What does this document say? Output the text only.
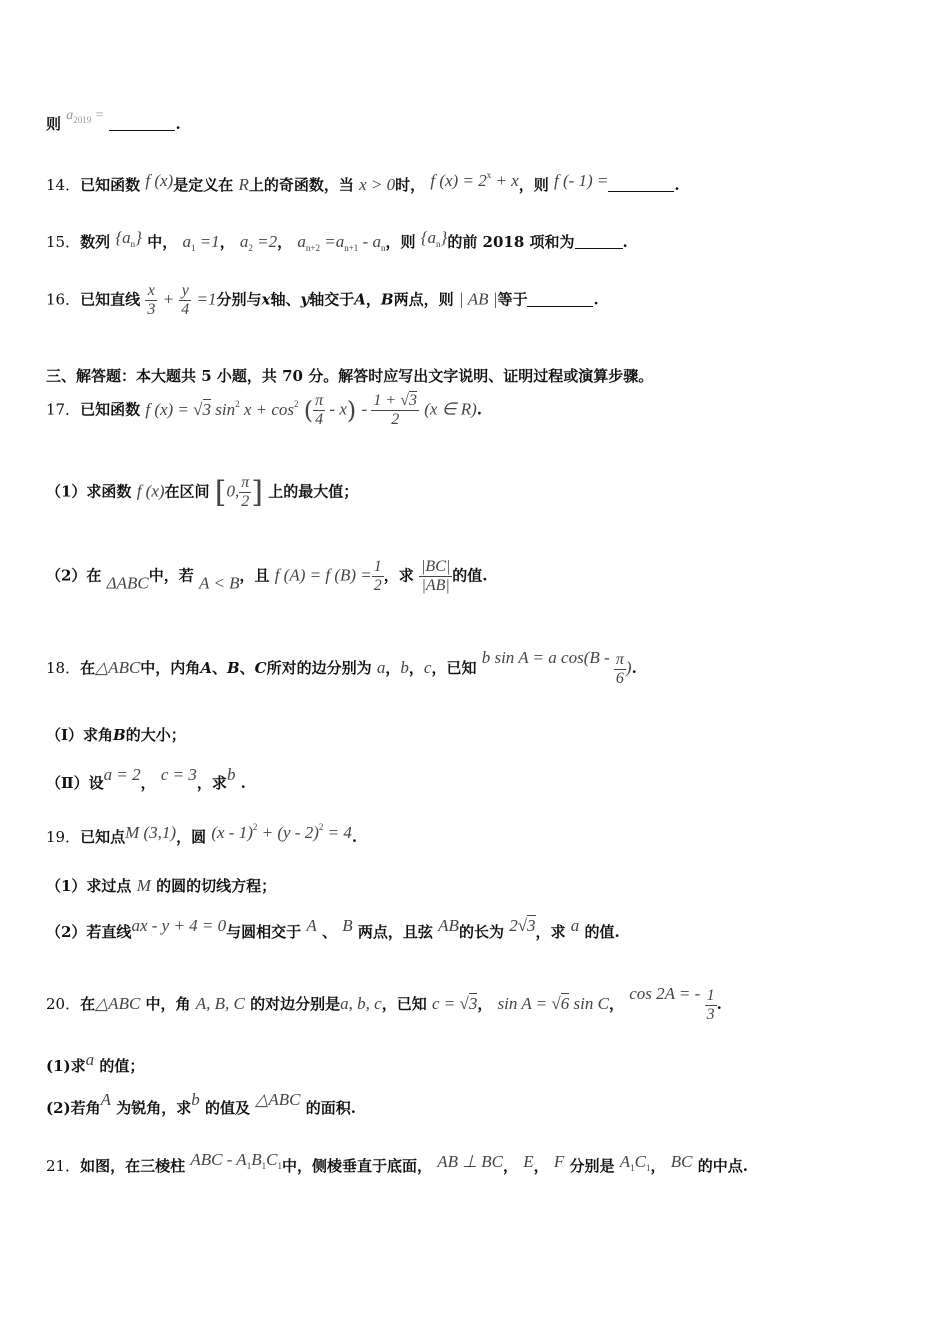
则 $a_{2019}$ =	.
14．已知函数 f (x)是定义在 R上的奇函数，当 x > 0时， f $(x) = 2^x + x$，则 f (- 1) =	.
15．数列 $\{a_n\}$ 中， $a_1 =1$， $a_2 =2$， $a_{n+2} =a_{n+1} - a_n$，则 $\{a_n\}$的前 2018 项和为	.
16．已知直线 $\frac{x}{3} + \frac{y}{4} =1$分别与x轴、y轴交于A，B两点，则 | AB |等于	.
三、解答题：本大题共 5 小题，共 70 分。解答时应写出文字说明、证明过程或演算步骤。
17．已知函数 f (x) = √3 $\sin^2 x + \cos^2$ ( $\frac{\pi}{4} - x) - \frac{1 + √3}{2} (x$ ∈ R).
（1）求函数 f (x)在区间 [0, $\frac{\pi}{2}$ ] 上的最大值；
（2）在 ΔABC中，若 A < B，且 f (A) = f $(B) = \frac{1}{2}$ ，求 $\frac{|BC|}{|AB|}$ 的值.
18．在△ABC中，内角A、B、C所对的边分别为 a，b，c，已知 b sin A = a $\cos(B - \frac{\pi}{6}$ ).
（Ⅰ）求角B的大小；
（Ⅱ）设a = 2， c = 3，求b .
19．已知点M (3,1)，圆 (x - 1)$^2$ + (y - 2)$^2$ = 4.
（1）求过点 M 的圆的切线方程；
（2）若直线ax - y + 4 = 0与圆相交于 A 、 B 两点，且弦 AB的长为 2√3，求 a 的值.
20．在△ABC 中，角 A, B, C 的对边分别是a, b, c，已知 c = √3， sin A = √6 sin C， cos 2A = - $\frac{1}{3}$ .
(1)求a 的值；
(2)若角A 为锐角，求b 的值及 △ABC 的面积.
21．如图，在三棱柱 ABC - $A_1B_1C_1$中，侧棱垂直于底面， AB ⊥ BC， E， F 分别是 $A_1C_1$， BC 的中点.
